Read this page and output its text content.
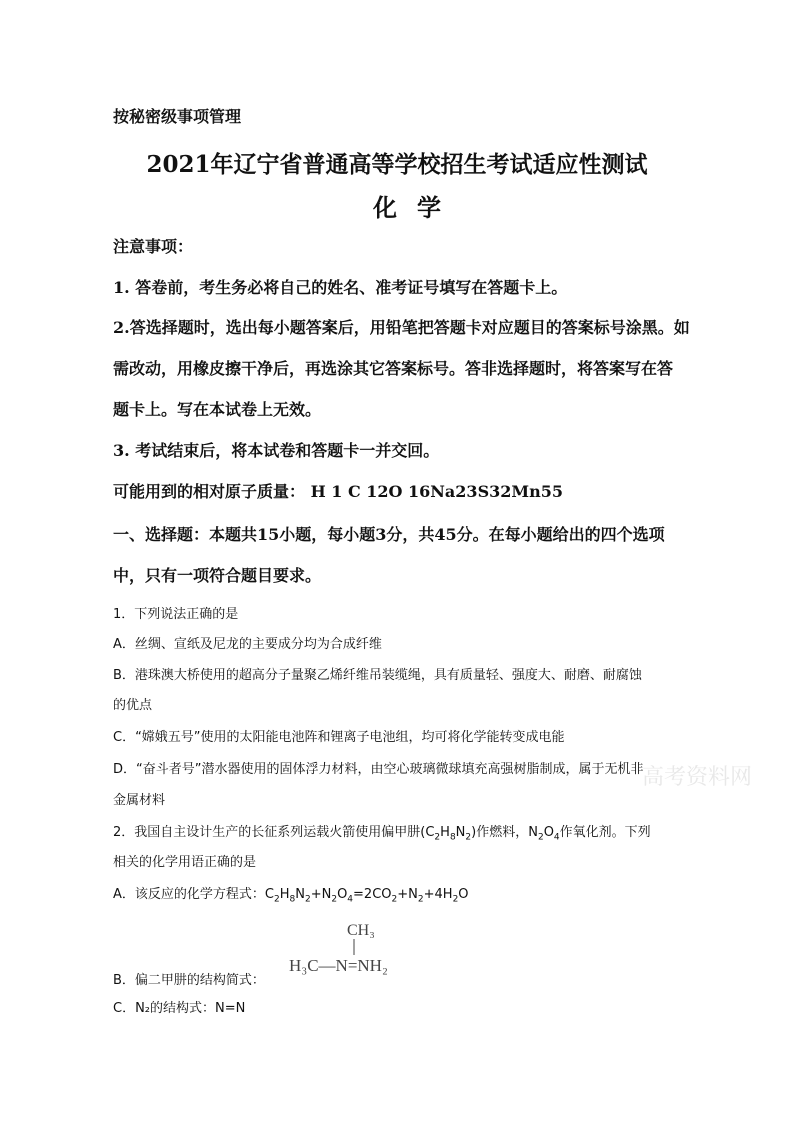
按秘密级事项管理
2021年辽宁省普通高等学校招生考试适应性测试
化学
注意事项：
1. 答卷前，考生务必将自己的姓名、准考证号填写在答题卡上。
2.答选择题时，选出每小题答案后，用铅笔把答题卡对应题目的答案标号涂黑。如
需改动，用橡皮擦干净后，再选涂其它答案标号。答非选择题时，将答案写在答
题卡上。写在本试卷上无效。
3. 考试结束后，将本试卷和答题卡一并交回。
可能用到的相对原子质量： H 1 C 12O 16Na23S32Mn55
一、选择题：本题共15小题，每小题3分，共45分。在每小题给出的四个选项
中，只有一项符合题目要求。
1．下列说法正确的是
A．丝绸、宣纸及尼龙的主要成分均为合成纤维
B．港珠澳大桥使用的超高分子量聚乙烯纤维吊装缆绳，具有质量轻、强度大、耐磨、耐腐蚀
的优点
C．“嫦娥五号”使用的太阳能电池阵和锂离子电池组，均可将化学能转变成电能
D．“奋斗者号”潜水器使用的固体浮力材料，由空心玻璃微球填充高强树脂制成，属于无机非
金属材料
高考资料网
2．我国自主设计生产的长征系列运载火箭使用偏甲肼$(C_2H_8N_2)$作燃料，$N_2O_4$作氧化剂。下列
相关的化学用语正确的是
A．该反应的化学方程式：$C_2H_8N_2+N_2O_4=2CO_2+N_2+4H_2O$
CH₃
H₃C—N=NH₂
B．偏二甲肼的结构简式：
C．N₂的结构式：N=N
